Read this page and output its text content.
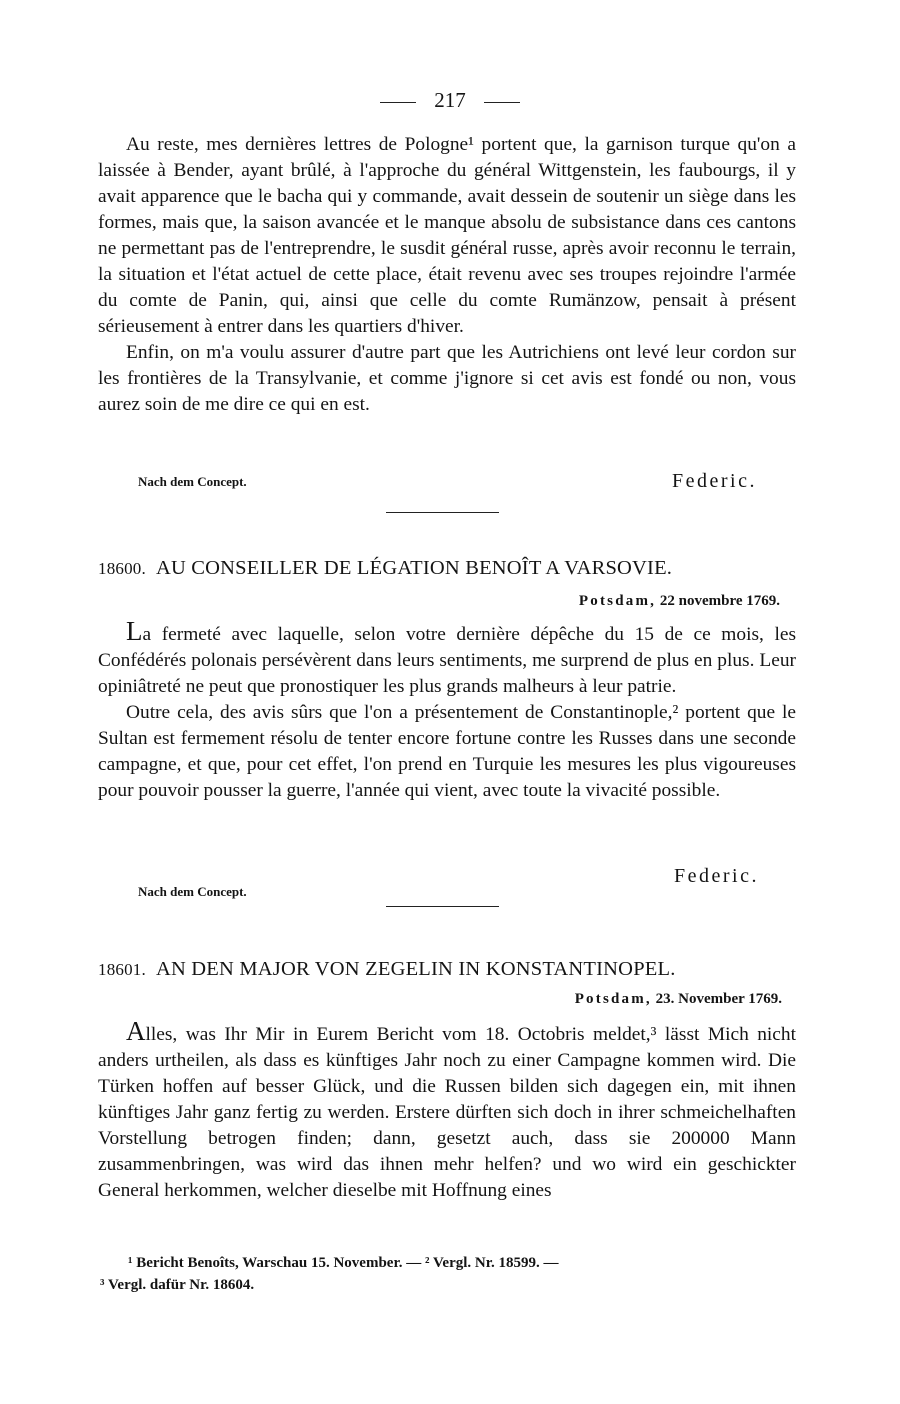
217

Au reste, mes dernières lettres de Pologne¹ portent que, la garnison turque qu'on a laissée à Bender, ayant brûlé, à l'approche du général Wittgenstein, les faubourgs, il y avait apparence que le bacha qui y commande, avait dessein de soutenir un siège dans les formes, mais que, la saison avancée et le manque absolu de subsistance dans ces cantons ne permettant pas de l'entreprendre, le susdit général russe, après avoir reconnu le terrain, la situation et l'état actuel de cette place, était revenu avec ses troupes rejoindre l'armée du comte de Panin, qui, ainsi que celle du comte Rumänzow, pensait à présent sérieusement à entrer dans les quartiers d'hiver.

Enfin, on m'a voulu assurer d'autre part que les Autrichiens ont levé leur cordon sur les frontières de la Transylvanie, et comme j'ignore si cet avis est fondé ou non, vous aurez soin de me dire ce qui en est.

Nach dem Concept.	Federic.
18600. AU CONSEILLER DE LÉGATION BENOÎT A VARSOVIE.
Potsdam, 22 novembre 1769.

La fermeté avec laquelle, selon votre dernière dépêche du 15 de ce mois, les Confédérés polonais persévèrent dans leurs sentiments, me surprend de plus en plus. Leur opiniâtreté ne peut que pronostiquer les plus grands malheurs à leur patrie.

Outre cela, des avis sûrs que l'on a présentement de Constantinople,² portent que le Sultan est fermement résolu de tenter encore fortune contre les Russes dans une seconde campagne, et que, pour cet effet, l'on prend en Turquie les mesures les plus vigoureuses pour pouvoir pousser la guerre, l'année qui vient, avec toute la vivacité possible.

Federic.
Nach dem Concept.
18601. AN DEN MAJOR VON ZEGELIN IN KONSTANTINOPEL.
Potsdam, 23. November 1769.

Alles, was Ihr Mir in Eurem Bericht vom 18. Octobris meldet,³ lässt Mich nicht anders urtheilen, als dass es künftiges Jahr noch zu einer Campagne kommen wird. Die Türken hoffen auf besser Glück, und die Russen bilden sich dagegen ein, mit ihnen künftiges Jahr ganz fertig zu werden. Erstere dürften sich doch in ihrer schmeichelhaften Vorstellung betrogen finden; dann, gesetzt auch, dass sie 200000 Mann zusammenbringen, was wird das ihnen mehr helfen? und wo wird ein geschickter General herkommen, welcher dieselbe mit Hoffnung eines

¹ Bericht Benoîts, Warschau 15. November. — ² Vergl. Nr. 18599. —
³ Vergl. dafür Nr. 18604.
